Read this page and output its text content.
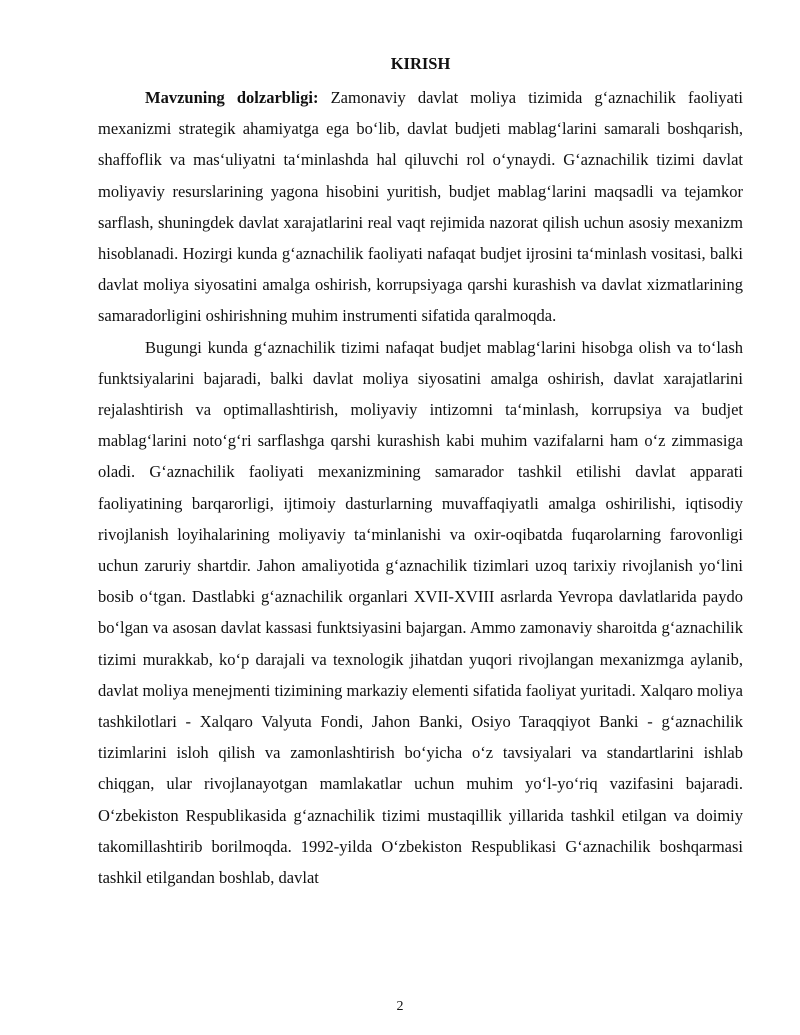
KIRISH

Mavzuning dolzarbligi: Zamonaviy davlat moliya tizimida g‘aznachilik faoliyati mexanizmi strategik ahamiyatga ega bo‘lib, davlat budjeti mablag‘larini samarali boshqarish, shaffoflik va mas‘uliyatni ta‘minlashda hal qiluvchi rol o‘ynaydi. G‘aznachilik tizimi davlat moliyaviy resurslarining yagona hisobini yuritish, budjet mablag‘larini maqsadli va tejamkor sarflash, shuningdek davlat xarajatlarini real vaqt rejimida nazorat qilish uchun asosiy mexanizm hisoblanadi. Hozirgi kunda g‘aznachilik faoliyati nafaqat budjet ijrosini ta‘minlash vositasi, balki davlat moliya siyosatini amalga oshirish, korrupsiyaga qarshi kurashish va davlat xizmatlarining samaradorligini oshirishning muhim instrumenti sifatida qaralmoqda.

Bugungi kunda g‘aznachilik tizimi nafaqat budjet mablag‘larini hisobga olish va to‘lash funktsiyalarini bajaradi, balki davlat moliya siyosatini amalga oshirish, davlat xarajatlarini rejalashtirish va optimallashtirish, moliyaviy intizomni ta‘minlash, korrupsiya va budjet mablag‘larini noto‘g‘ri sarflashga qarshi kurashish kabi muhim vazifalarni ham o‘z zimmasiga oladi. G‘aznachilik faoliyati mexanizmining samarador tashkil etilishi davlat apparati faoliyatining barqarorligi, ijtimoiy dasturlarning muvaffaqiyatli amalga oshirilishi, iqtisodiy rivojlanish loyihalarining moliyaviy ta‘minlanishi va oxir-oqibatda fuqarolarning farovonligi uchun zaruriy shartdir. Jahon amaliyotida g‘aznachilik tizimlari uzoq tarixiy rivojlanish yo‘lini bosib o‘tgan. Dastlabki g‘aznachilik organlari XVII-XVIII asrlarda Yevropa davlatlarida paydo bo‘lgan va asosan davlat kassasi funktsiyasini bajargan. Ammo zamonaviy sharoitda g‘aznachilik tizimi murakkab, ko‘p darajali va texnologik jihatdan yuqori rivojlangan mexanizmga aylanib, davlat moliya menejmenti tizimining markaziy elementi sifatida faoliyat yuritadi. Xalqaro moliya tashkilotlari - Xalqaro Valyuta Fondi, Jahon Banki, Osiyo Taraqqiyot Banki - g‘aznachilik tizimlarini isloh qilish va zamonlashtirish bo‘yicha o‘z tavsiyalari va standartlarini ishlab chiqgan, ular rivojlanayotgan mamlakatlar uchun muhim yo‘l-yo‘riq vazifasini bajaradi. O‘zbekiston Respublikasida g‘aznachilik tizimi mustaqillik yillarida tashkil etilgan va doimiy takomillashtirib borilmoqda. 1992-yilda O‘zbekiston Respublikasi G‘aznachilik boshqarmasi tashkil etilgandan boshlab, davlat

2
